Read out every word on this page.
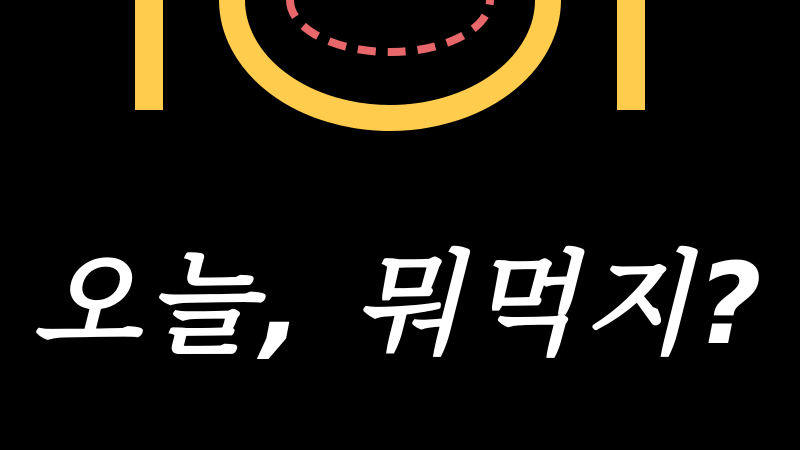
오늘, 뭐먹지?
